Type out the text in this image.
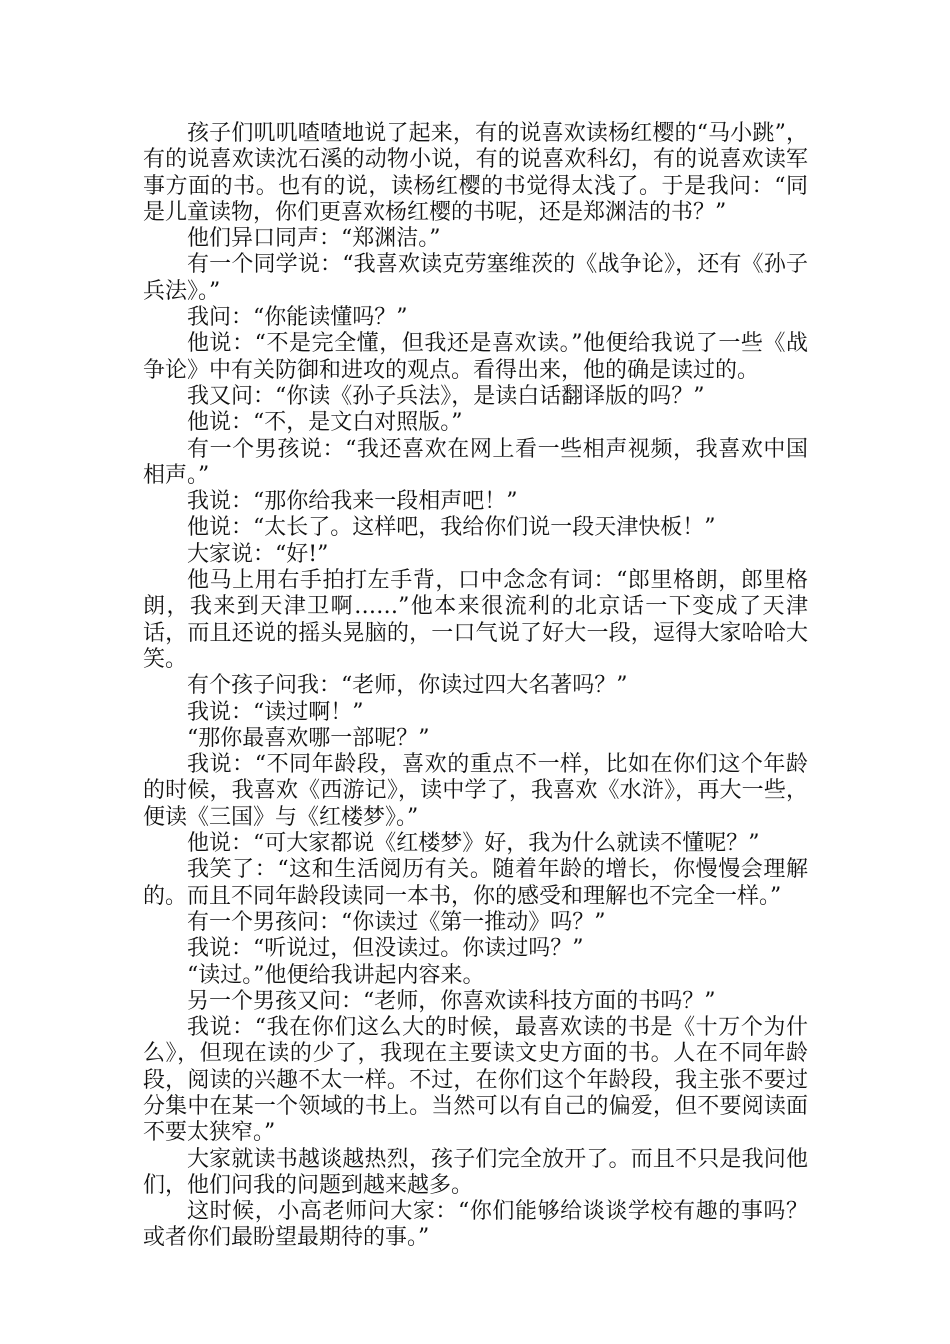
孩子们叽叽喳喳地说了起来，有的说喜欢读杨红樱的“马小跳”，有的说喜欢读沈石溪的动物小说，有的说喜欢科幻，有的说喜欢读军事方面的书。也有的说，读杨红樱的书觉得太浅了。于是我问：“同是儿童读物，你们更喜欢杨红樱的书呢，还是郑渊洁的书？”

他们异口同声：“郑渊洁。”

有一个同学说：“我喜欢读克劳塞维茨的《战争论》，还有《孙子兵法》。”

我问：“你能读懂吗？”

他说：“不是完全懂，但我还是喜欢读。”他便给我说了一些《战争论》中有关防御和进攻的观点。看得出来，他的确是读过的。

我又问：“你读《孙子兵法》，是读白话翻译版的吗？”

他说：“不，是文白对照版。”

有一个男孩说：“我还喜欢在网上看一些相声视频，我喜欢中国相声。”

我说：“那你给我来一段相声吧！”

他说：“太长了。这样吧，我给你们说一段天津快板！”

大家说：“好!”

他马上用右手拍打左手背，口中念念有词：“郎里格朗，郎里格朗，我来到天津卫啊……”他本来很流利的北京话一下变成了天津话，而且还说的摇头晃脑的，一口气说了好大一段，逗得大家哈哈大笑。

有个孩子问我：“老师，你读过四大名著吗？”

我说：“读过啊！”

“那你最喜欢哪一部呢？”

我说：“不同年龄段，喜欢的重点不一样，比如在你们这个年龄的时候，我喜欢《西游记》，读中学了，我喜欢《水浒》，再大一些，便读《三国》与《红楼梦》。”

他说：“可大家都说《红楼梦》好，我为什么就读不懂呢？”

我笑了：“这和生活阅历有关。随着年龄的增长，你慢慢会理解的。而且不同年龄段读同一本书，你的感受和理解也不完全一样。”

有一个男孩问：“你读过《第一推动》吗？”

我说：“听说过，但没读过。你读过吗？”

“读过。”他便给我讲起内容来。

另一个男孩又问：“老师，你喜欢读科技方面的书吗？”

我说：“我在你们这么大的时候，最喜欢读的书是《十万个为什么》，但现在读的少了，我现在主要读文史方面的书。人在不同年龄段，阅读的兴趣不太一样。不过，在你们这个年龄段，我主张不要过分集中在某一个领域的书上。当然可以有自己的偏爱，但不要阅读面不要太狭窄。”

大家就读书越谈越热烈，孩子们完全放开了。而且不只是我问他们，他们问我的问题到越来越多。

这时候，小高老师问大家：“你们能够给谈谈学校有趣的事吗？或者你们最盼望最期待的事。”
